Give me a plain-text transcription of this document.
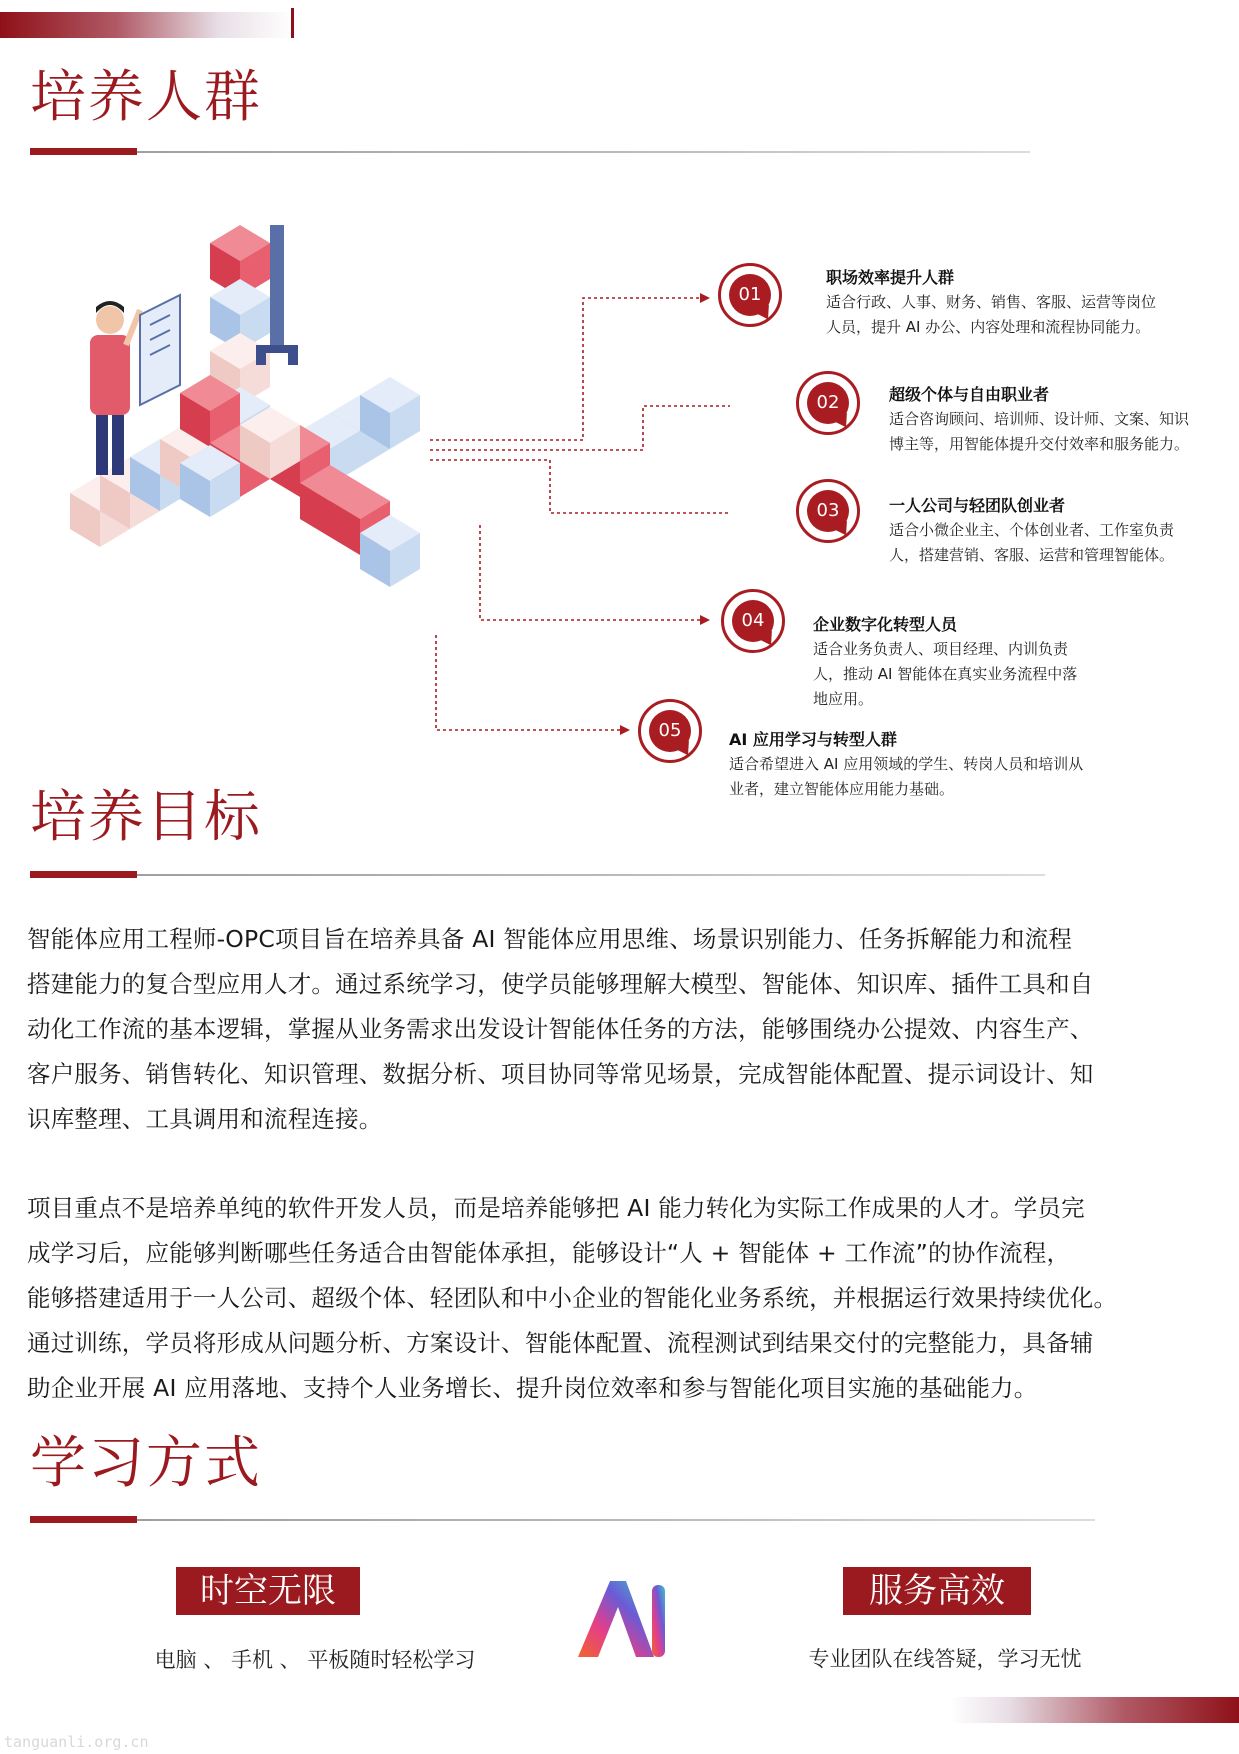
培养人群
01
职场效率提升人群
适合行政、人事、财务、销售、客服、运营等岗位
人员，提升 AI 办公、内容处理和流程协同能力。
02	超级个体与自由职业者
适合咨询顾问、培训师、设计师、文案、知识
博主等，用智能体提升交付效率和服务能力。
03	一人公司与轻团队创业者
适合小微企业主、个体创业者、工作室负责
人，搭建营销、客服、运营和管理智能体。
04	企业数字化转型人员
适合业务负责人、项目经理、内训负责
人，推动 AI 智能体在真实业务流程中落
地应用。
05	AI 应用学习与转型人群
适合希望进入 AI 应用领域的学生、转岗人员和培训从
业者，建立智能体应用能力基础。
培养目标
智能体应用工程师-OPC项目旨在培养具备 AI 智能体应用思维、场景识别能力、任务拆解能力和流程
搭建能力的复合型应用人才。通过系统学习，使学员能够理解大模型、智能体、知识库、插件工具和自
动化工作流的基本逻辑，掌握从业务需求出发设计智能体任务的方法，能够围绕办公提效、内容生产、
客户服务、销售转化、知识管理、数据分析、项目协同等常见场景，完成智能体配置、提示词设计、知
识库整理、工具调用和流程连接。
项目重点不是培养单纯的软件开发人员，而是培养能够把 AI 能力转化为实际工作成果的人才。学员完
成学习后，应能够判断哪些任务适合由智能体承担，能够设计“人 + 智能体 + 工作流”的协作流程，
能够搭建适用于一人公司、超级个体、轻团队和中小企业的智能化业务系统，并根据运行效果持续优化。
通过训练，学员将形成从问题分析、方案设计、智能体配置、流程测试到结果交付的完整能力，具备辅
助企业开展 AI 应用落地、支持个人业务增长、提升岗位效率和参与智能化项目实施的基础能力。
学习方式
时空无限
电脑 、 手机 、 平板随时轻松学习
服务高效
专业团队在线答疑，学习无忧
tanguanli.org.cn
